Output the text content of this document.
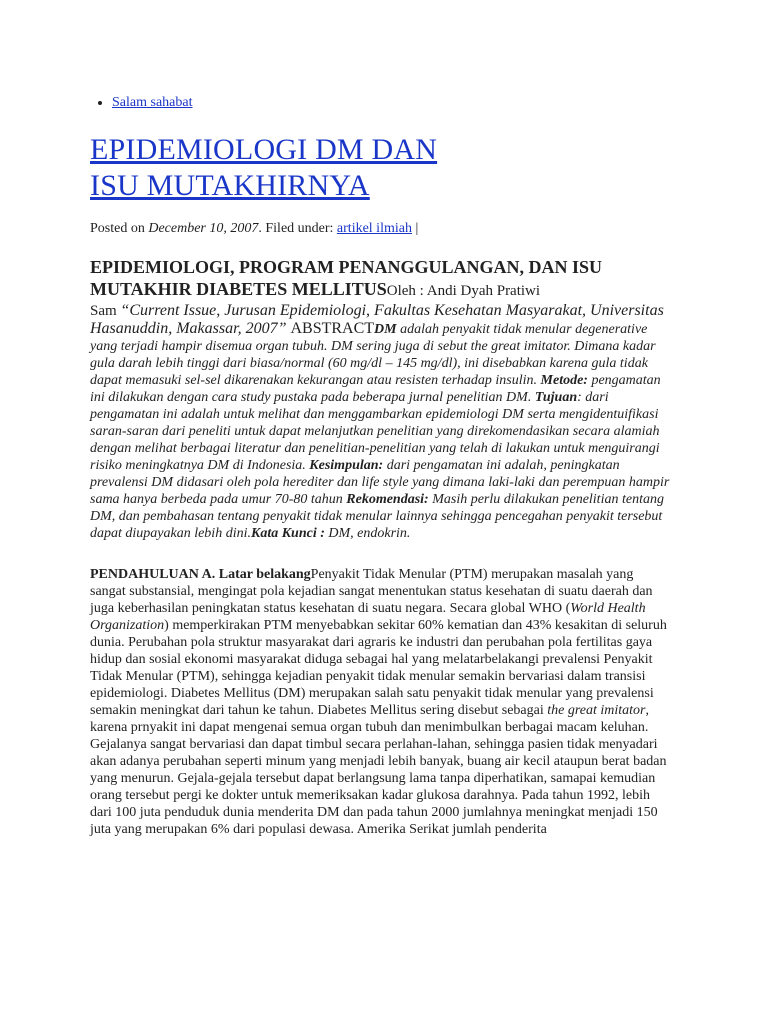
• Salam sahabat
EPIDEMIOLOGI DM DAN
ISU MUTAKHIRNYA
Posted on December 10, 2007. Filed under: artikel ilmiah |

EPIDEMIOLOGI, PROGRAM PENANGGULANGAN, DAN ISU MUTAKHIR DIABETES MELLITUSOleh : Andi Dyah Pratiwi

Sam “Current Issue, Jurusan Epidemiologi, Fakultas Kesehatan Masyarakat, Universitas Hasanuddin, Makassar, 2007” ABSTRACTDM adalah penyakit tidak menular degenerative yang terjadi hampir disemua organ tubuh. DM sering juga di sebut the great imitator. Dimana kadar gula darah lebih tinggi dari biasa/normal (60 mg/dl – 145 mg/dl), ini disebabkan karena gula tidak dapat memasuki sel-sel dikarenakan kekurangan atau resisten terhadap insulin. Metode: pengamatan ini dilakukan dengan cara study pustaka pada beberapa jurnal penelitian DM. Tujuan: dari pengamatan ini adalah untuk melihat dan menggambarkan epidemiologi DM serta mengidentuifikasi saran-saran dari peneliti untuk dapat melanjutkan penelitian yang direkomendasikan secara alamiah dengan melihat berbagai literatur dan penelitian-penelitian yang telah di lakukan untuk menguirangi risiko meningkatnya DM di Indonesia. Kesimpulan: dari pengamatan ini adalah, peningkatan prevalensi DM didasari oleh pola herediter dan life style yang dimana laki-laki dan perempuan hampir sama hanya berbeda pada umur 70-80 tahun Rekomendasi: Masih perlu dilakukan penelitian tentang DM, dan pembahasan tentang penyakit tidak menular lainnya sehingga pencegahan penyakit tersebut dapat diupayakan lebih dini.Kata Kunci : DM, endokrin.

PENDAHULUAN A. Latar belakangPenyakit Tidak Menular (PTM) merupakan masalah yang sangat substansial, mengingat pola kejadian sangat menentukan status kesehatan di suatu daerah dan juga keberhasilan peningkatan status kesehatan di suatu negara. Secara global WHO (World Health Organization) memperkirakan PTM menyebabkan sekitar 60% kematian dan 43% kesakitan di seluruh dunia. Perubahan pola struktur masyarakat dari agraris ke industri dan perubahan pola fertilitas gaya hidup dan sosial ekonomi masyarakat diduga sebagai hal yang melatarbelakangi prevalensi Penyakit Tidak Menular (PTM), sehingga kejadian penyakit tidak menular semakin bervariasi dalam transisi epidemiologi. Diabetes Mellitus (DM) merupakan salah satu penyakit tidak menular yang prevalensi semakin meningkat dari tahun ke tahun. Diabetes Mellitus sering disebut sebagai the great imitator, karena prnyakit ini dapat mengenai semua organ tubuh dan menimbulkan berbagai macam keluhan. Gejalanya sangat bervariasi dan dapat timbul secara perlahan-lahan, sehingga pasien tidak menyadari akan adanya perubahan seperti minum yang menjadi lebih banyak, buang air kecil ataupun berat badan yang menurun. Gejala-gejala tersebut dapat berlangsung lama tanpa diperhatikan, samapai kemudian orang tersebut pergi ke dokter untuk memeriksakan kadar glukosa darahnya. Pada tahun 1992, lebih dari 100 juta penduduk dunia menderita DM dan pada tahun 2000 jumlahnya meningkat menjadi 150 juta yang merupakan 6% dari populasi dewasa. Amerika Serikat jumlah penderita
